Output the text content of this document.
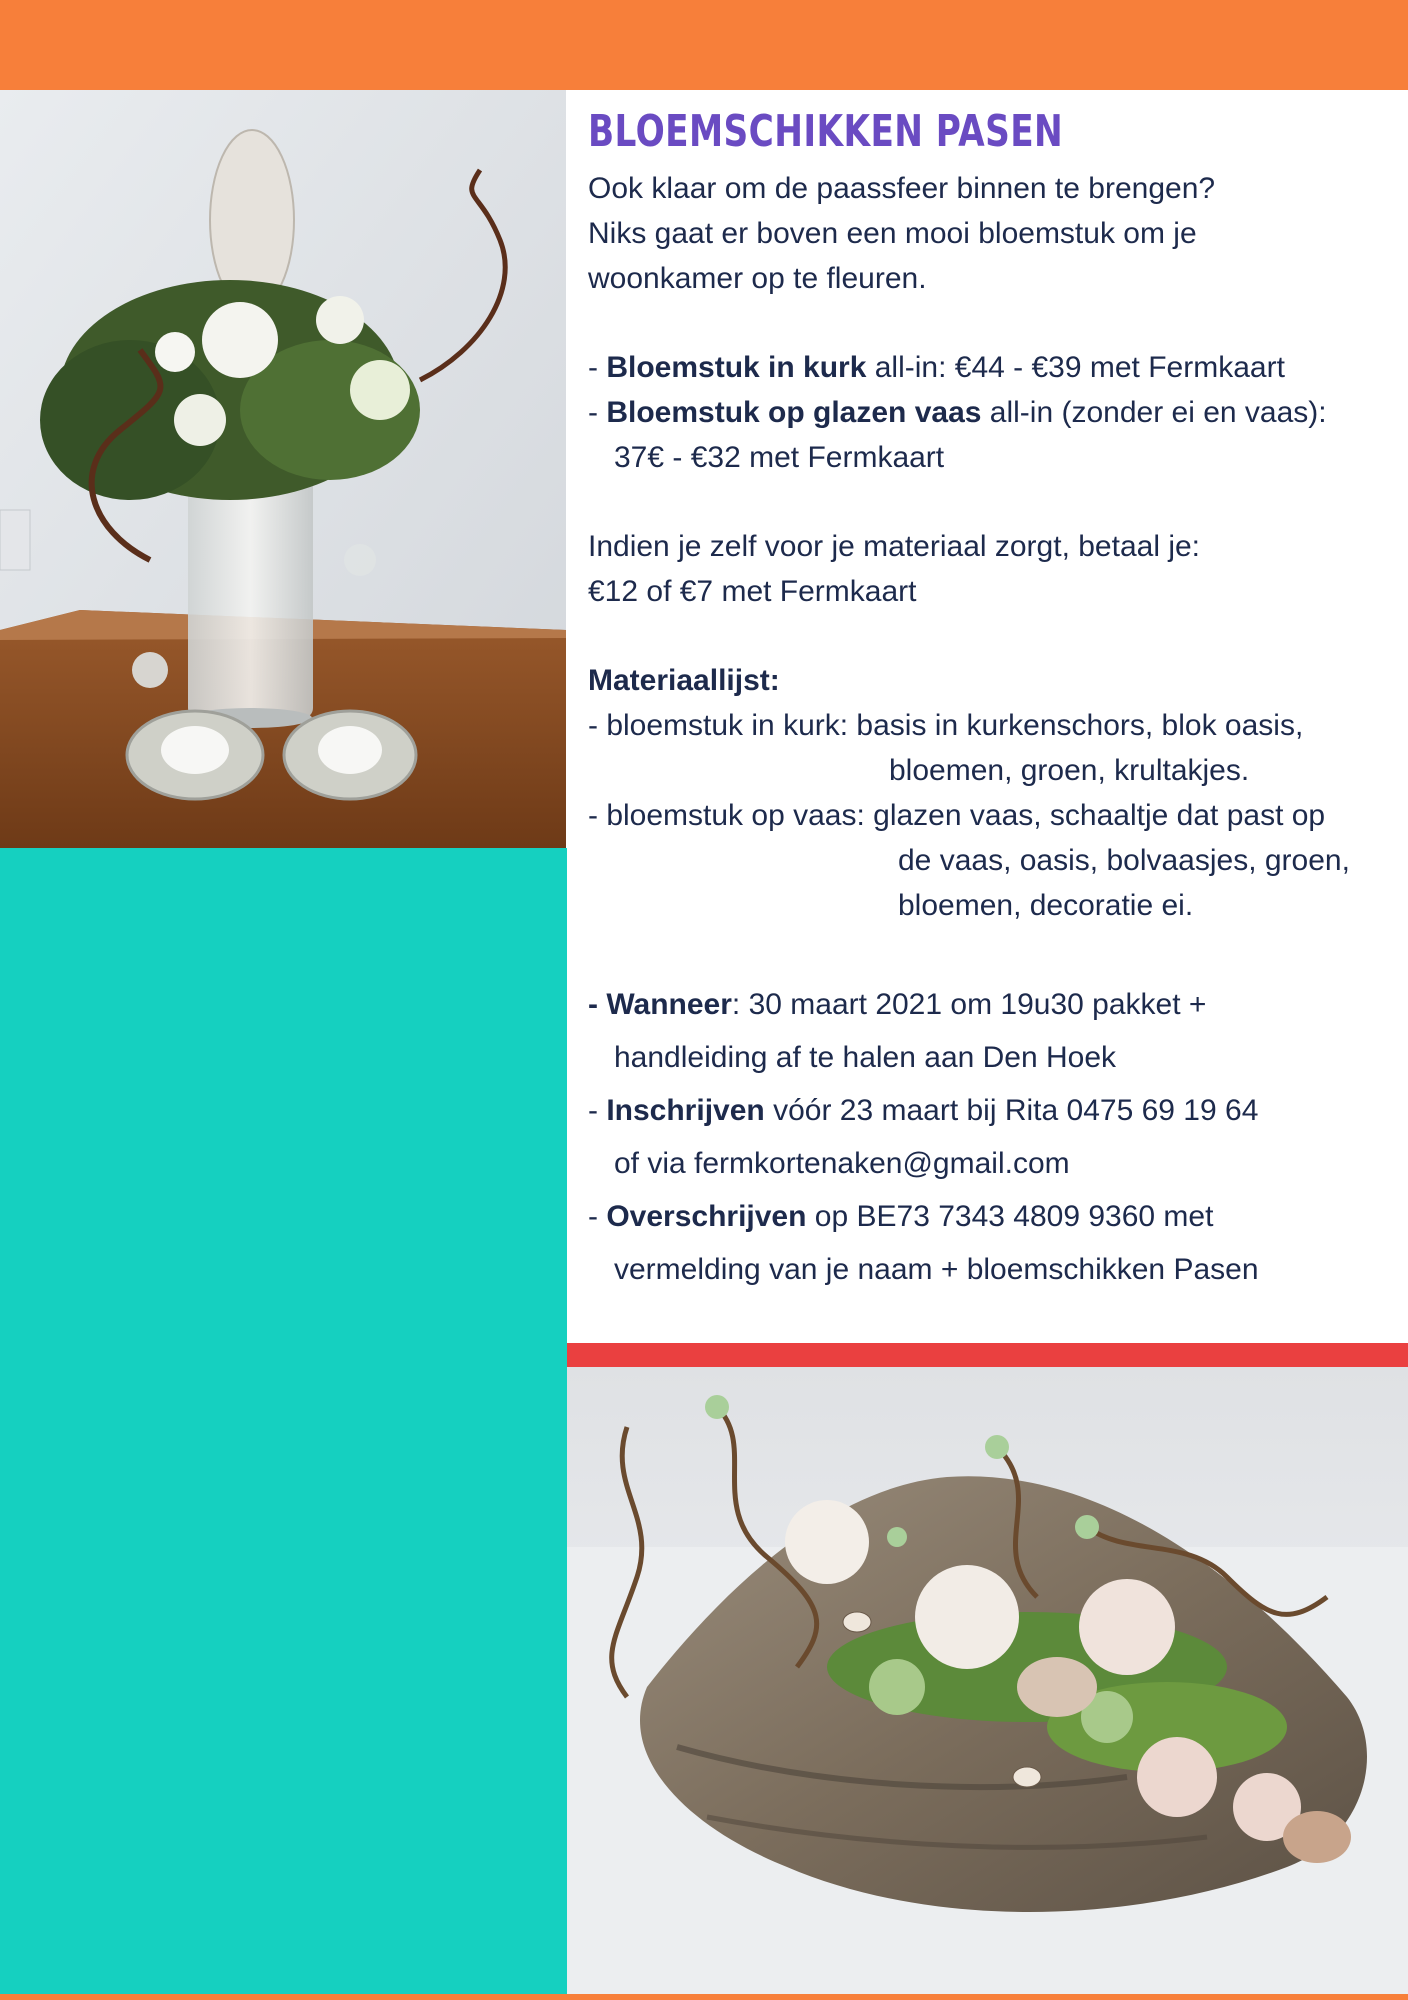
BLOEMSCHIKKEN PASEN

Ook klaar om de paassfeer binnen te brengen?

Niks gaat er boven een mooi bloemstuk om je

woonkamer op te fleuren.

- Bloemstuk in kurk all-in: €44 - €39 met Fermkaart

- Bloemstuk op glazen vaas all-in (zonder ei en vaas):

37€ - €32 met Fermkaart

Indien je zelf voor je materiaal zorgt, betaal je:

€12 of €7 met Fermkaart

Materiaallijst:

- bloemstuk in kurk: basis in kurkenschors, blok oasis,

bloemen, groen, krultakjes.

- bloemstuk op vaas: glazen vaas, schaaltje dat past op

de vaas, oasis, bolvaasjes, groen,

bloemen, decoratie ei.

- Wanneer: 30 maart 2021 om 19u30 pakket +

handleiding af te halen aan Den Hoek

- Inschrijven vóór 23 maart bij Rita 0475 69 19 64

of via fermkortenaken@gmail.com

- Overschrijven op BE73 7343 4809 9360 met

vermelding van je naam + bloemschikken Pasen
